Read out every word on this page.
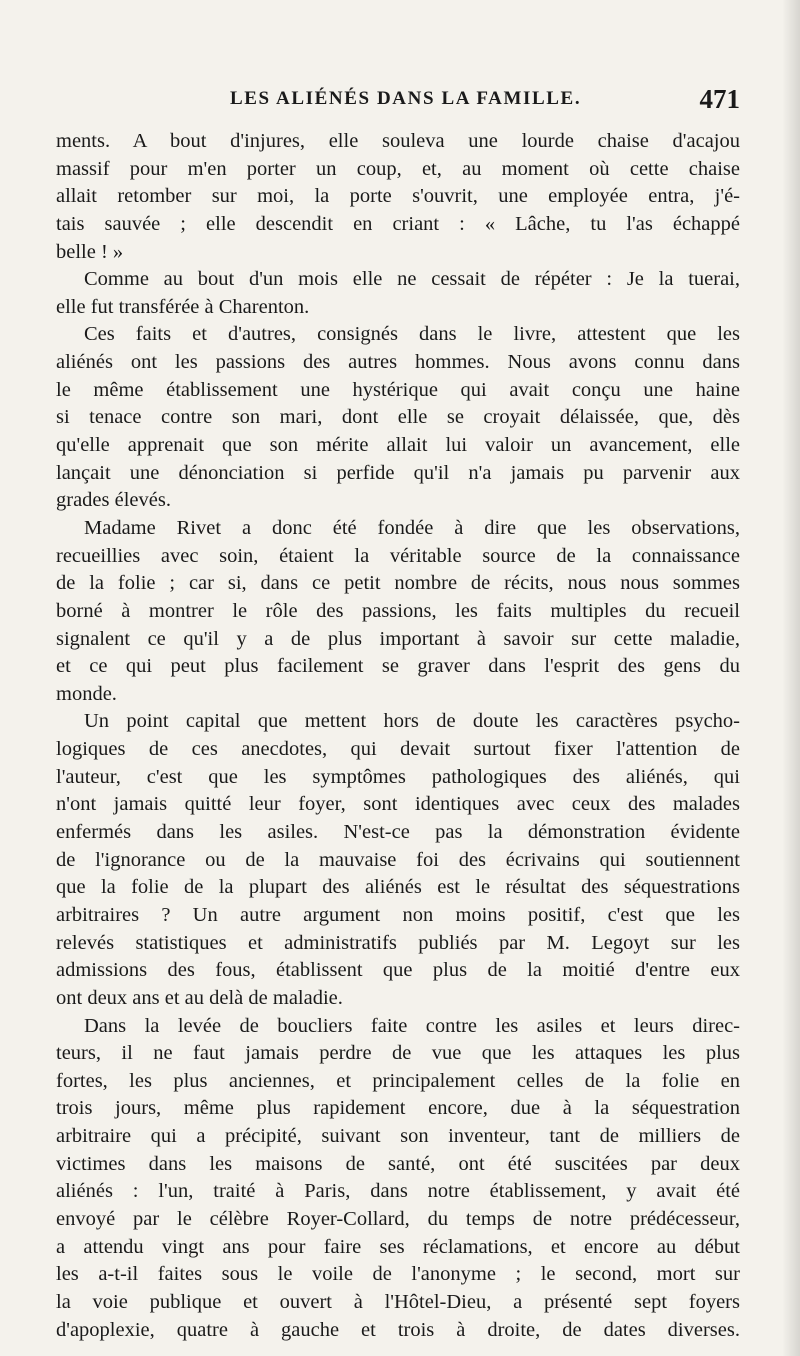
LES ALIÉNÉS DANS LA FAMILLE.	471
ments. A bout d'injures, elle souleva une lourde chaise d'acajou
massif pour m'en porter un coup, et, au moment où cette chaise
allait retomber sur moi, la porte s'ouvrit, une employée entra, j'é-
tais sauvée ; elle descendit en criant : « Lâche, tu l'as échappé
belle ! »
Comme au bout d'un mois elle ne cessait de répéter : Je la tuerai,
elle fut transférée à Charenton.
Ces faits et d'autres, consignés dans le livre, attestent que les
aliénés ont les passions des autres hommes. Nous avons connu dans
le même établissement une hystérique qui avait conçu une haine
si tenace contre son mari, dont elle se croyait délaissée, que, dès
qu'elle apprenait que son mérite allait lui valoir un avancement, elle
lançait une dénonciation si perfide qu'il n'a jamais pu parvenir aux
grades élevés.
Madame Rivet a donc été fondée à dire que les observations,
recueillies avec soin, étaient la véritable source de la connaissance
de la folie ; car si, dans ce petit nombre de récits, nous nous sommes
borné à montrer le rôle des passions, les faits multiples du recueil
signalent ce qu'il y a de plus important à savoir sur cette maladie,
et ce qui peut plus facilement se graver dans l'esprit des gens du
monde.
Un point capital que mettent hors de doute les caractères psycho-
logiques de ces anecdotes, qui devait surtout fixer l'attention de
l'auteur, c'est que les symptômes pathologiques des aliénés, qui
n'ont jamais quitté leur foyer, sont identiques avec ceux des malades
enfermés dans les asiles. N'est-ce pas la démonstration évidente
de l'ignorance ou de la mauvaise foi des écrivains qui soutiennent
que la folie de la plupart des aliénés est le résultat des séquestrations
arbitraires ? Un autre argument non moins positif, c'est que les
relevés statistiques et administratifs publiés par M. Legoyt sur les
admissions des fous, établissent que plus de la moitié d'entre eux
ont deux ans et au delà de maladie.
Dans la levée de boucliers faite contre les asiles et leurs direc-
teurs, il ne faut jamais perdre de vue que les attaques les plus
fortes, les plus anciennes, et principalement celles de la folie en
trois jours, même plus rapidement encore, due à la séquestration
arbitraire qui a précipité, suivant son inventeur, tant de milliers de
victimes dans les maisons de santé, ont été suscitées par deux
aliénés : l'un, traité à Paris, dans notre établissement, y avait été
envoyé par le célèbre Royer-Collard, du temps de notre prédécesseur,
a attendu vingt ans pour faire ses réclamations, et encore au début
les a-t-il faites sous le voile de l'anonyme ; le second, mort sur
la voie publique et ouvert à l'Hôtel-Dieu, a présenté sept foyers
d'apoplexie, quatre à gauche et trois à droite, de dates diverses.
